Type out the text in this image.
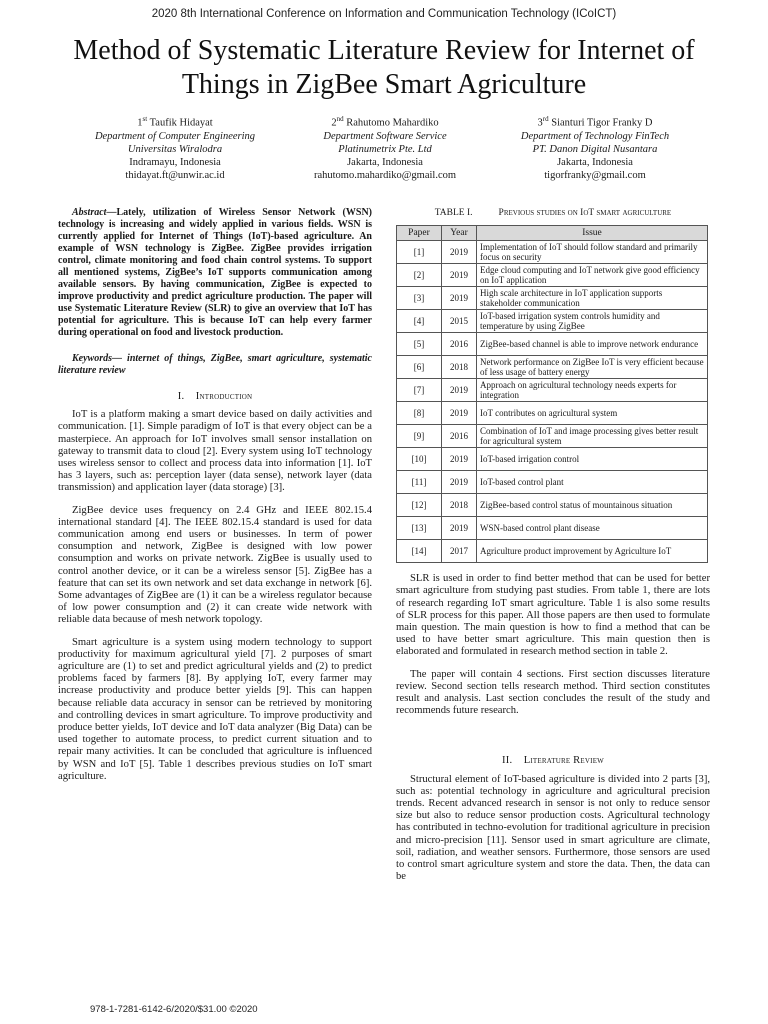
2020 8th International Conference on Information and Communication Technology (ICoICT)
Method of Systematic Literature Review for Internet of Things in ZigBee Smart Agriculture
1st Taufik Hidayat
Department of Computer Engineering
Universitas Wiralodra
Indramayu, Indonesia
thidayat.ft@unwir.ac.id
2nd Rahutomo Mahardiko
Department Software Service
Platinumetrix Pte. Ltd
Jakarta, Indonesia
rahutomo.mahardiko@gmail.com
3rd Sianturi Tigor Franky D
Department of Technology FinTech
PT. Danon Digital Nusantara
Jakarta, Indonesia
tigorfranky@gmail.com

Abstract—Lately, utilization of Wireless Sensor Network (WSN) technology is increasing and widely applied in various fields. WSN is currently applied for Internet of Things (IoT)-based agriculture. An example of WSN technology is ZigBee. ZigBee provides irrigation control, climate monitoring and food chain control systems. To support all mentioned systems, ZigBee’s IoT supports communication among available sensors. By having communication, ZigBee is expected to improve productivity and predict agriculture production. The paper will use Systematic Literature Review (SLR) to give an overview that IoT has potential for agriculture. This is because IoT can help every farmer during operational on food and livestock production.

Keywords— internet of things, ZigBee, smart agriculture, systematic literature review

I. Introduction

IoT is a platform making a smart device based on daily activities and communication. [1]. Simple paradigm of IoT is that every object can be a masterpiece. An approach for IoT involves small sensor installation on gateway to transmit data to cloud [2]. Every system using IoT technology uses wireless sensor to collect and process data into information [1]. IoT has 3 layers, such as: perception layer (data sense), network layer (data transmission) and application layer (data storage) [3].

ZigBee device uses frequency on 2.4 GHz and IEEE 802.15.4 international standard [4]. The IEEE 802.15.4 standard is used for data communication among end users or businesses. In term of power consumption and network, ZigBee is designed with low power consumption and works on private network. ZigBee is usually used to control another device, or it can be a wireless sensor [5]. ZigBee has a feature that can set its own network and set data exchange in network [6]. Some advantages of ZigBee are (1) it can be a wireless regulator because of low power consumption and (2) it can create wide network with reliable data because of mesh network topology.

Smart agriculture is a system using modern technology to support productivity for maximum agricultural yield [7]. 2 purposes of smart agriculture are (1) to set and predict agricultural yields and (2) to predict problems faced by farmers [8]. By applying IoT, every farmer may increase productivity and produce better yields [9]. This can happen because reliable data accuracy in sensor can be retrieved by monitoring and controlling devices in smart agriculture. To improve productivity and produce better yields, IoT device and IoT data analyzer (Big Data) can be used together to automate process, to predict current situation and to repair many activities. It can be concluded that agriculture is influenced by WSN and IoT [5]. Table 1 describes previous studies on IoT smart agriculture.

TABLE I.	Previous studies on IoT smart agriculture
Paper	Year	Issue
[1]	2019	Implementation of IoT should follow standard and primarily focus on security
[2]	2019	Edge cloud computing and IoT network give good efficiency on IoT application
[3]	2019	High scale architecture in IoT application supports stakeholder communication
[4]	2015	IoT-based irrigation system controls humidity and temperature by using ZigBee
[5]	2016	ZigBee-based channel is able to improve network endurance
[6]	2018	Network performance on ZigBee IoT is very efficient because of less usage of battery energy
[7]	2019	Approach on agricultural technology needs experts for integration
[8]	2019	IoT contributes on agricultural system
[9]	2016	Combination of IoT and image processing gives better result for agricultural system
[10]	2019	IoT-based irrigation control
[11]	2019	IoT-based control plant
[12]	2018	ZigBee-based control status of mountainous situation
[13]	2019	WSN-based control plant disease
[14]	2017	Agriculture product improvement by Agriculture IoT

SLR is used in order to find better method that can be used for better smart agriculture from studying past studies. From table 1, there are lots of research regarding IoT smart agriculture. Table 1 is also some results of SLR process for this paper. All those papers are then used to formulate main question. The main question is how to find a method that can be used to have better smart agriculture. This main question then is elaborated and formulated in research method section in table 2.

The paper will contain 4 sections. First section discusses literature review. Second section tells research method. Third section constitutes result and analysis. Last section concludes the result of the study and recommends future research.

II. Literature Review

Structural element of IoT-based agriculture is divided into 2 parts [3], such as: potential technology in agriculture and agricultural precision trends. Recent advanced research in sensor is not only to reduce sensor size but also to reduce sensor production costs. Agricultural technology has contributed in techno-evolution for traditional agriculture in precision and micro-precision [11]. Sensor used in smart agriculture are climate, soil, radiation, and weather sensors. Furthermore, those sensors are used to control smart agriculture system and store the data. Then, the data can be

978-1-7281-6142-6/2020/$31.00 ©2020
